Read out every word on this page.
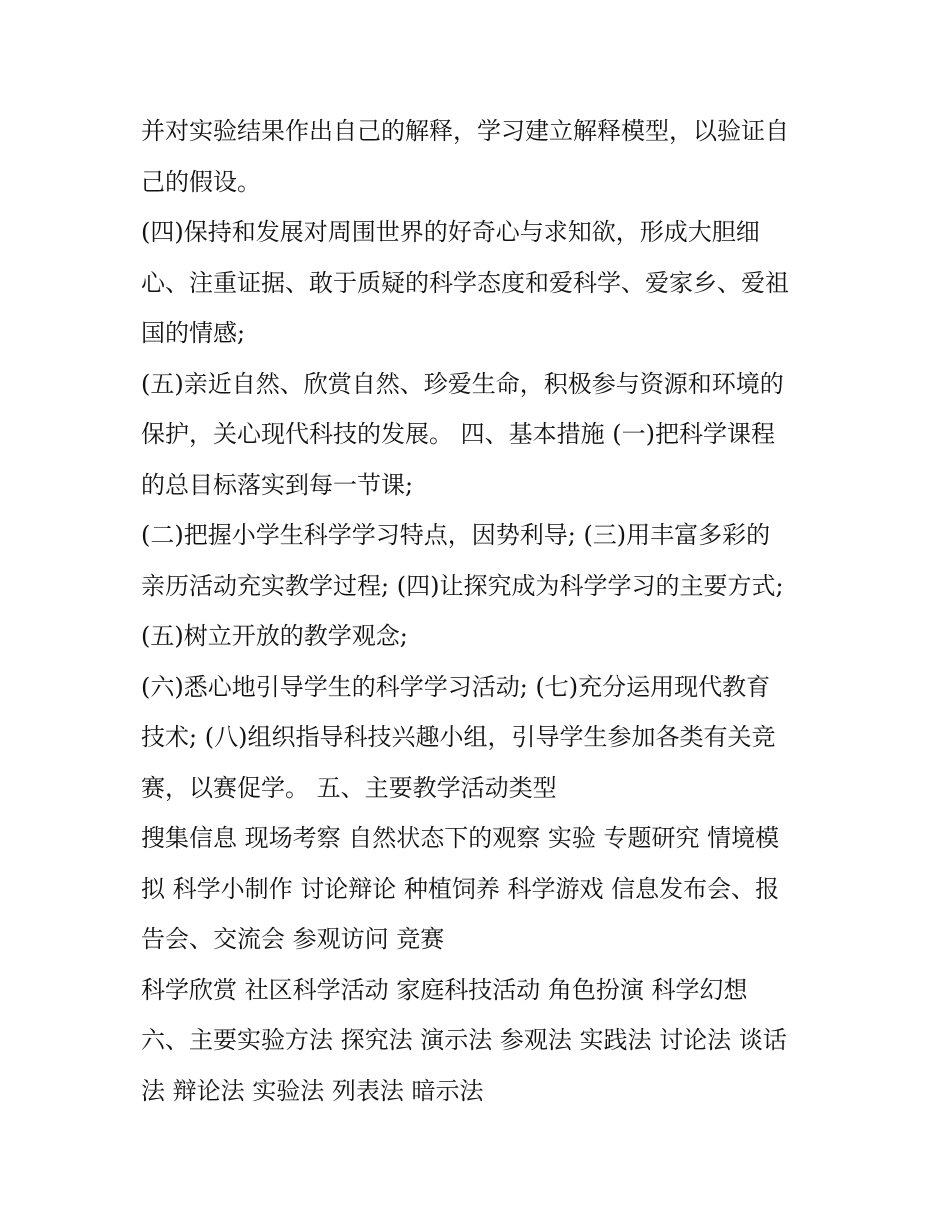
并对实验结果作出自己的解释，学习建立解释模型，以验证自
己的假设。
(四)保持和发展对周围世界的好奇心与求知欲，形成大胆细
心、注重证据、敢于质疑的科学态度和爱科学、爱家乡、爱祖
国的情感;
(五)亲近自然、欣赏自然、珍爱生命，积极参与资源和环境的
保护，关心现代科技的发展。 四、基本措施 (一)把科学课程
的总目标落实到每一节课;
(二)把握小学生科学学习特点，因势利导; (三)用丰富多彩的
亲历活动充实教学过程; (四)让探究成为科学学习的主要方式;
(五)树立开放的教学观念;
(六)悉心地引导学生的科学学习活动; (七)充分运用现代教育
技术; (八)组织指导科技兴趣小组，引导学生参加各类有关竞
赛，以赛促学。 五、主要教学活动类型
搜集信息 现场考察 自然状态下的观察 实验 专题研究 情境模
拟 科学小制作 讨论辩论 种植饲养 科学游戏 信息发布会、报
告会、交流会 参观访问 竞赛
科学欣赏 社区科学活动 家庭科技活动 角色扮演 科学幻想
六、主要实验方法 探究法 演示法 参观法 实践法 讨论法 谈话
法 辩论法 实验法 列表法 暗示法
